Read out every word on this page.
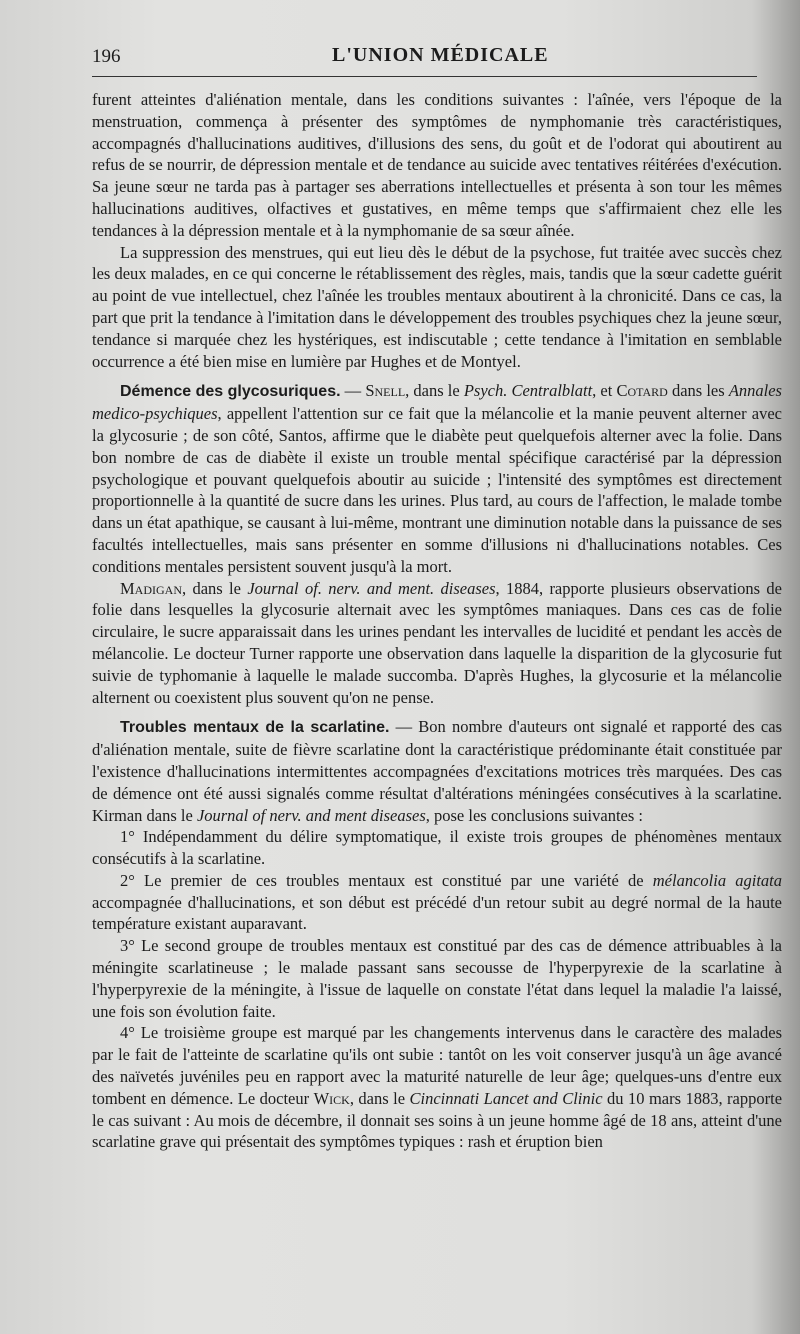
196	L'UNION MÉDICALE

furent atteintes d'aliénation mentale, dans les conditions suivantes : l'aînée, vers l'époque de la menstruation, commença à présenter des symptômes de nymphomanie très caractéristiques, accompagnés d'hallucinations auditives, d'illusions des sens, du goût et de l'odorat qui aboutirent au refus de se nourrir, de dépression mentale et de tendance au suicide avec tentatives réitérées d'exécution. Sa jeune sœur ne tarda pas à partager ses aberrations intellectuelles et présenta à son tour les mêmes hallucinations auditives, olfactives et gustatives, en même temps que s'affirmaient chez elle les tendances à la dépression mentale et à la nymphomanie de sa sœur aînée.

La suppression des menstrues, qui eut lieu dès le début de la psychose, fut traitée avec succès chez les deux malades, en ce qui concerne le rétablissement des règles, mais, tandis que la sœur cadette guérit au point de vue intellectuel, chez l'aînée les troubles mentaux aboutirent à la chronicité. Dans ce cas, la part que prit la tendance à l'imitation dans le développement des troubles psychiques chez la jeune sœur, tendance si marquée chez les hystériques, est indiscutable ; cette tendance à l'imitation en semblable occurrence a été bien mise en lumière par Hughes et de Montyel.

Démence des glycosuriques. — Snell, dans le Psych. Centralblatt, et Cotard dans les Annales medico-psychiques, appellent l'attention sur ce fait que la mélancolie et la manie peuvent alterner avec la glycosurie ; de son côté, Santos, affirme que le diabète peut quelquefois alterner avec la folie. Dans bon nombre de cas de diabète il existe un trouble mental spécifique caractérisé par la dépression psychologique et pouvant quelquefois aboutir au suicide ; l'intensité des symptômes est directement proportionnelle à la quantité de sucre dans les urines. Plus tard, au cours de l'affection, le malade tombe dans un état apathique, se causant à lui-même, montrant une diminution notable dans la puissance de ses facultés intellectuelles, mais sans présenter en somme d'illusions ni d'hallucinations notables. Ces conditions mentales persistent souvent jusqu'à la mort.

Madigan, dans le Journal of. nerv. and ment. diseases, 1884, rapporte plusieurs observations de folie dans lesquelles la glycosurie alternait avec les symptômes maniaques. Dans ces cas de folie circulaire, le sucre apparaissait dans les urines pendant les intervalles de lucidité et pendant les accès de mélancolie. Le docteur Turner rapporte une observation dans laquelle la disparition de la glycosurie fut suivie de typhomanie à laquelle le malade succomba. D'après Hughes, la glycosurie et la mélancolie alternent ou coexistent plus souvent qu'on ne pense.

Troubles mentaux de la scarlatine. — Bon nombre d'auteurs ont signalé et rapporté des cas d'aliénation mentale, suite de fièvre scarlatine dont la caractéristique prédominante était constituée par l'existence d'hallucinations intermittentes accompagnées d'excitations motrices très marquées. Des cas de démence ont été aussi signalés comme résultat d'altérations méningées consécutives à la scarlatine. Kirman dans le Journal of nerv. and ment diseases, pose les conclusions suivantes :

1° Indépendamment du délire symptomatique, il existe trois groupes de phénomènes mentaux consécutifs à la scarlatine.

2° Le premier de ces troubles mentaux est constitué par une variété de mélancolia agitata accompagnée d'hallucinations, et son début est précédé d'un retour subit au degré normal de la haute température existant auparavant.

3° Le second groupe de troubles mentaux est constitué par des cas de démence attribuables à la méningite scarlatineuse ; le malade passant sans secousse de l'hyperpyrexie de la scarlatine à l'hyperpyrexie de la méningite, à l'issue de laquelle on constate l'état dans lequel la maladie l'a laissé, une fois son évolution faite.

4° Le troisième groupe est marqué par les changements intervenus dans le caractère des malades par le fait de l'atteinte de scarlatine qu'ils ont subie : tantôt on les voit conserver jusqu'à un âge avancé des naïvetés juvéniles peu en rapport avec la maturité naturelle de leur âge; quelques-uns d'entre eux tombent en démence. Le docteur Wick, dans le Cincinnati Lancet and Clinic du 10 mars 1883, rapporte le cas suivant : Au mois de décembre, il donnait ses soins à un jeune homme âgé de 18 ans, atteint d'une scarlatine grave qui présentait des symptômes typiques : rash et éruption bien
